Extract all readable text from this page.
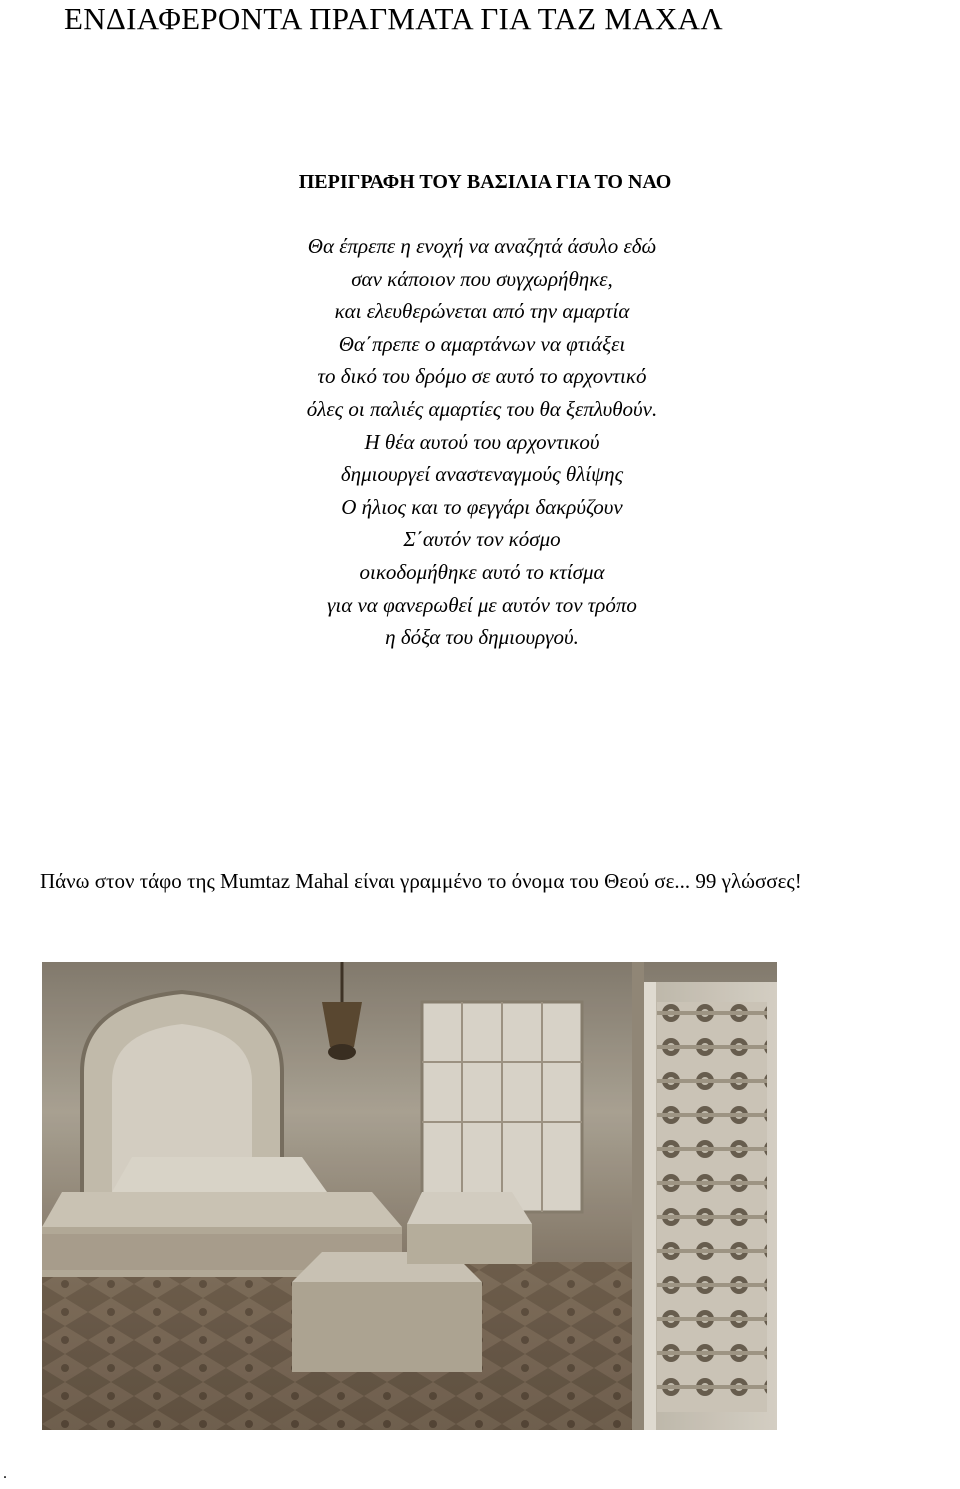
ΕΝΔΙΑΦΕΡΟΝΤΑ ΠΡΑΓΜΑΤΑ ΓΙΑ ΤΑΖ ΜΑΧΑΛ
ΠΕΡΙΓΡΑΦΗ ΤΟΥ ΒΑΣΙΛΙΑ ΓΙΑ ΤΟ ΝΑΟ
Θα έπρεπε η ενοχή να αναζητά άσυλο εδώ
σαν κάποιον που συγχωρήθηκε,
και ελευθερώνεται από την αμαρτία
Θα΄πρεπε ο αμαρτάνων να φτιάξει
το δικό του δρόμο σε αυτό το αρχοντικό
όλες οι παλιές αμαρτίες του θα ξεπλυθούν.
Η θέα αυτού του αρχοντικού
δημιουργεί αναστεναγμούς θλίψης
Ο ήλιος και το φεγγάρι δακρύζουν
Σ΄αυτόν τον κόσμο
οικοδομήθηκε αυτό το κτίσμα
για να φανερωθεί με αυτόν τον τρόπο
η δόξα του δημιουργού.

Πάνω στον τάφο της Mumtaz Mahal είναι γραμμένο το όνομα του Θεού σε... 99 γλώσσες!

.
